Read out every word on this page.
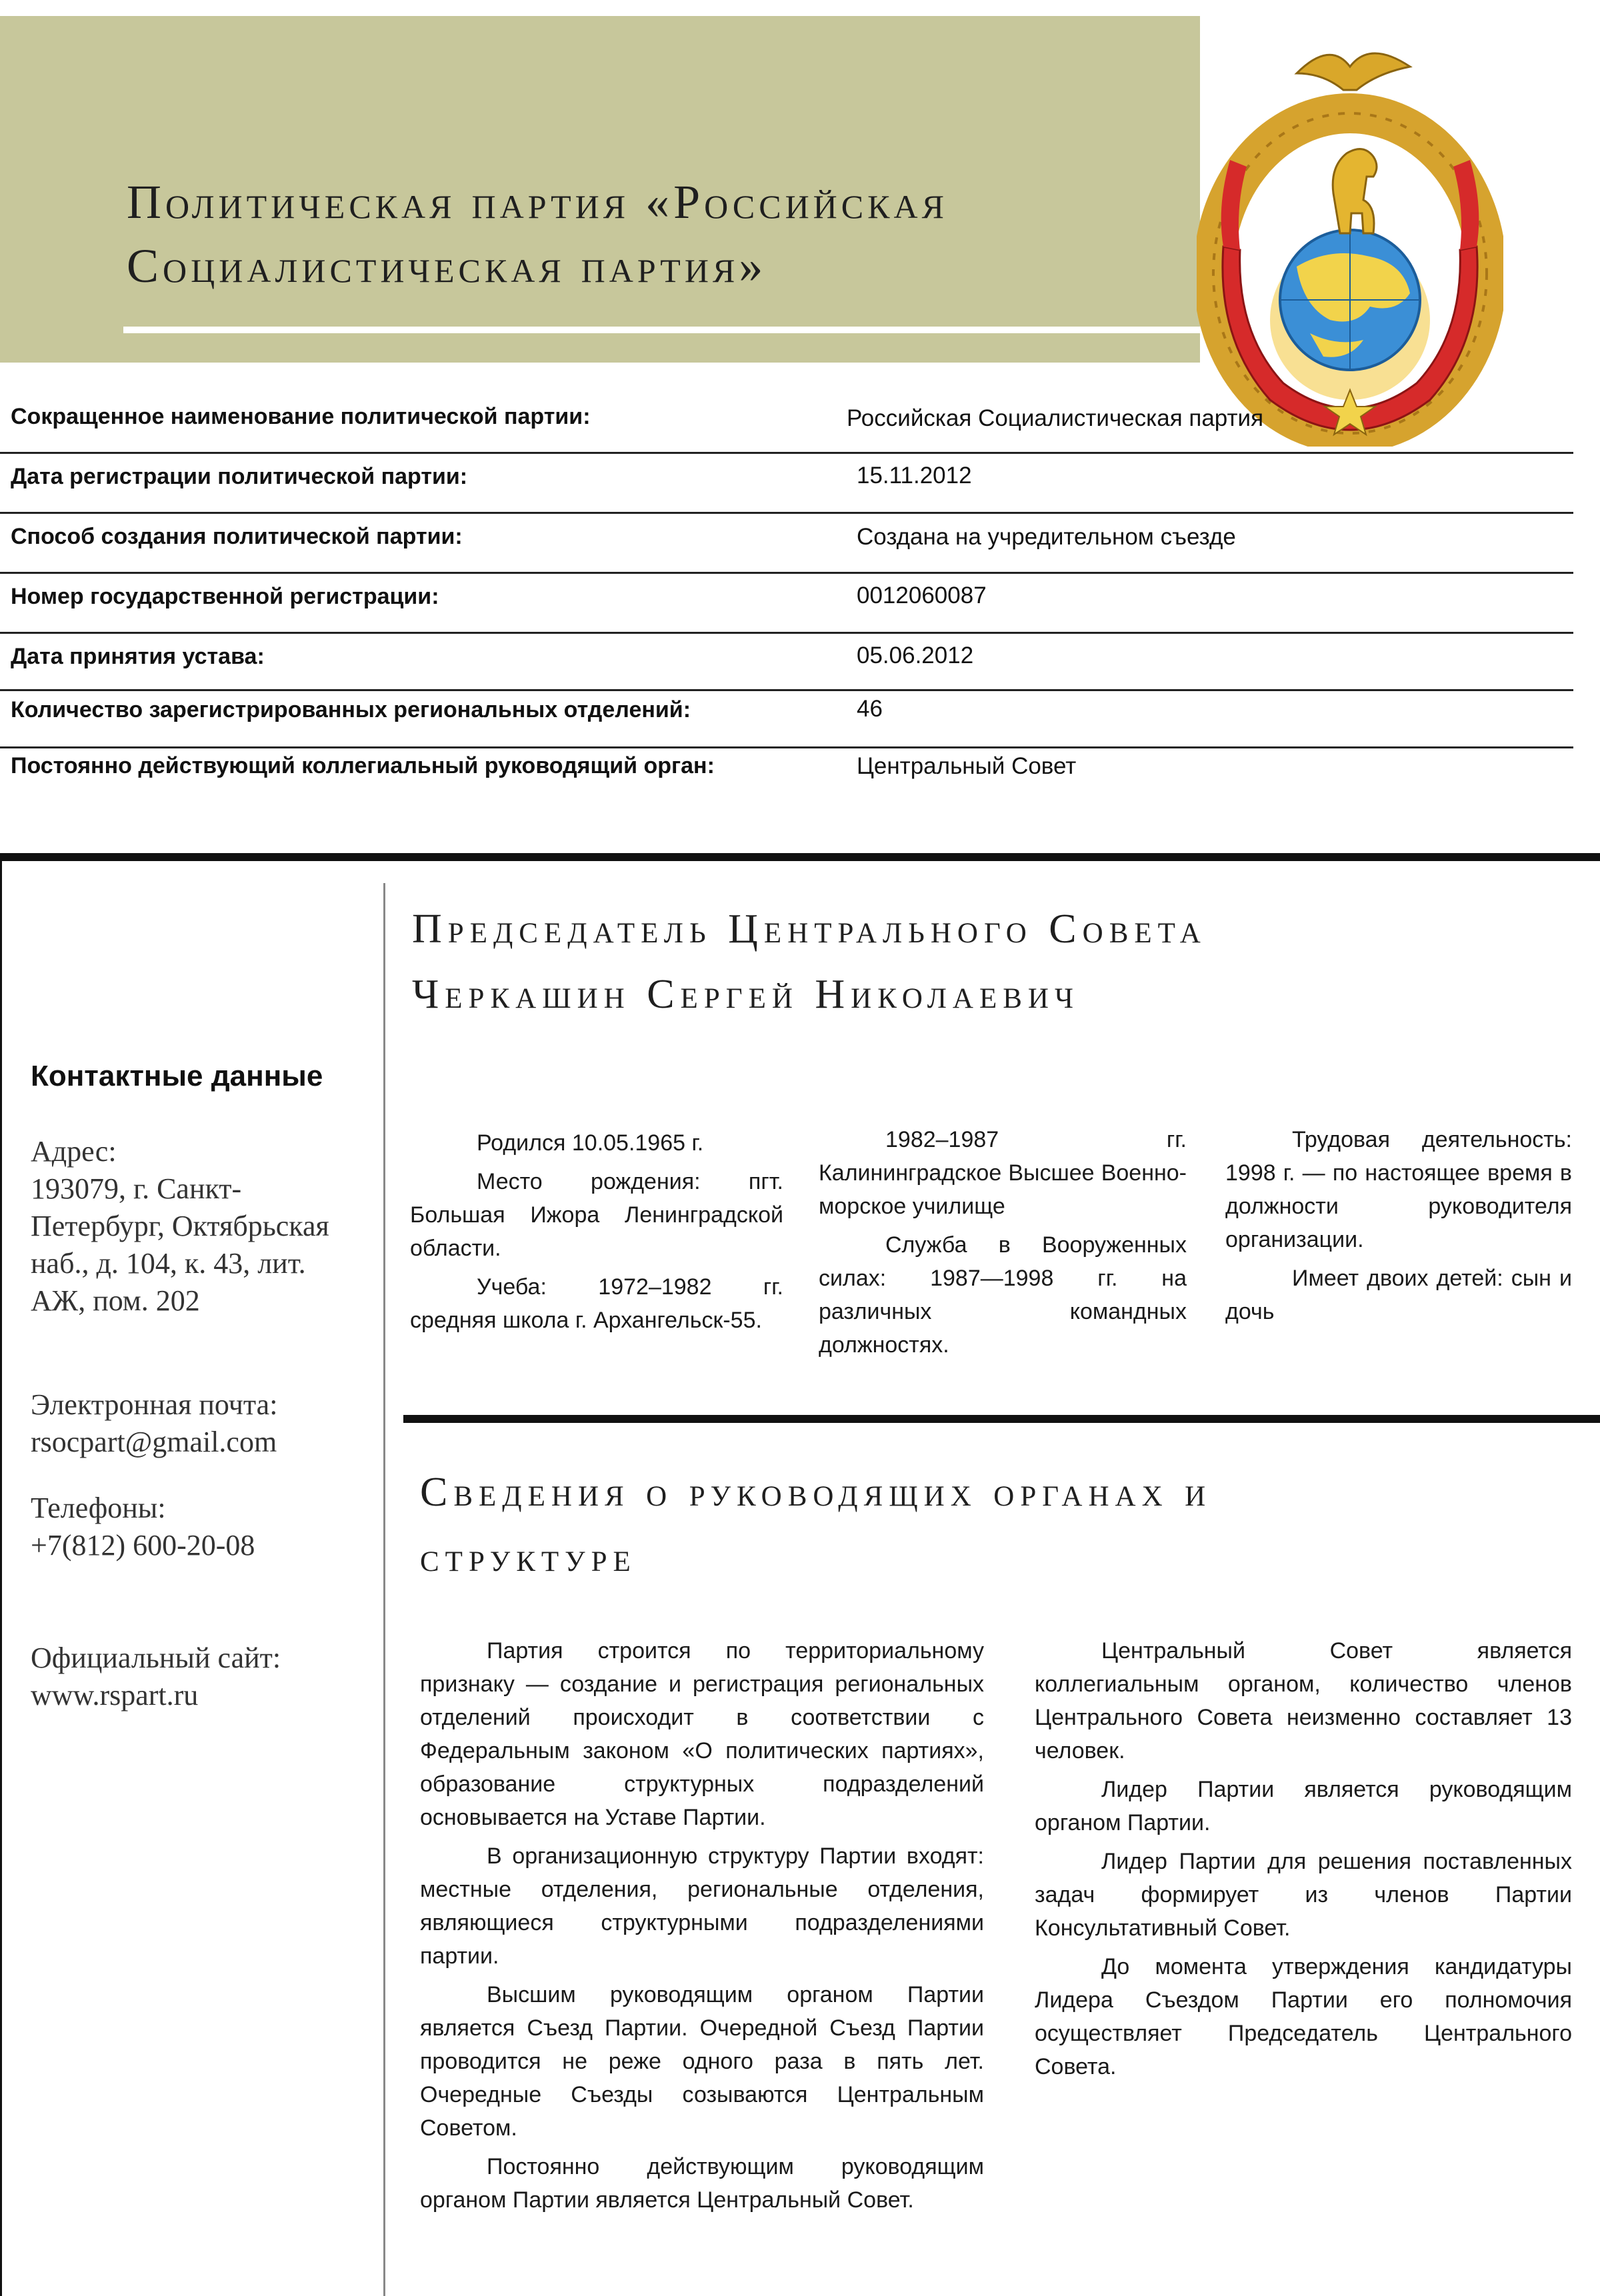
Политическая партия «Российская
Социалистическая партия»
Сокращенное наименование политической партии:	Российская Социалистическая партия
Дата регистрации политической партии:	15.11.2012
Способ создания политической партии:	Создана на учредительном съезде
Номер государственной регистрации:	0012060087
Дата принятия устава:	05.06.2012
Количество зарегистрированных региональных отделений:	46
Постоянно действующий коллегиальный руководящий орган:	Центральный Совет
Председатель Центрального Совета
Черкашин Сергей Николаевич

Родился 10.05.1965 г.

Место рождения: пгт. Большая Ижора Ленинградской области.

Учеба: 1972–1982 гг. средняя школа г. Архангельск-55.

1982–1987 гг. Калининградское Высшее Военно-морское училище

Служба в Вооруженных силах: 1987—1998 гг. на различных командных должностях.

Трудовая деятельность: 1998 г. — по настоящее время в должности руководителя организации.

Имеет двоих детей: сын и дочь

Контактные данные
Адрес:
193079, г. Санкт-Петербург, Октябрьская наб., д. 104, к. 43, лит. АЖ, пом. 202
Электронная почта:
rsocpart@gmail.com
Телефоны:
+7(812) 600-20-08
Официальный сайт:
www.rspart.ru
Сведения о руководящих органах и
структуре

Партия строится по территориальному признаку — создание и регистрация региональных отделений происходит в соответствии с Федеральным законом «О политических партиях», образование структурных подразделений основывается на Уставе Партии.

В организационную структуру Партии входят: местные отделения, региональные отделения, являющиеся структурными подразделениями партии.

Высшим руководящим органом Партии является Съезд Партии. Очередной Съезд Партии проводится не реже одного раза в пять лет. Очередные Съезды созываются Центральным Советом.

Постоянно действующим руководящим органом Партии является Центральный Совет.

Центральный Совет является коллегиальным органом, количество членов Центрального Совета неизменно составляет 13 человек.

Лидер Партии является руководящим органом Партии.

Лидер Партии для решения поставленных задач формирует из членов Партии Консультативный Совет.

До момента утверждения кандидатуры Лидера Съездом Партии его полномочия осуществляет Председатель Центрального Совета.
